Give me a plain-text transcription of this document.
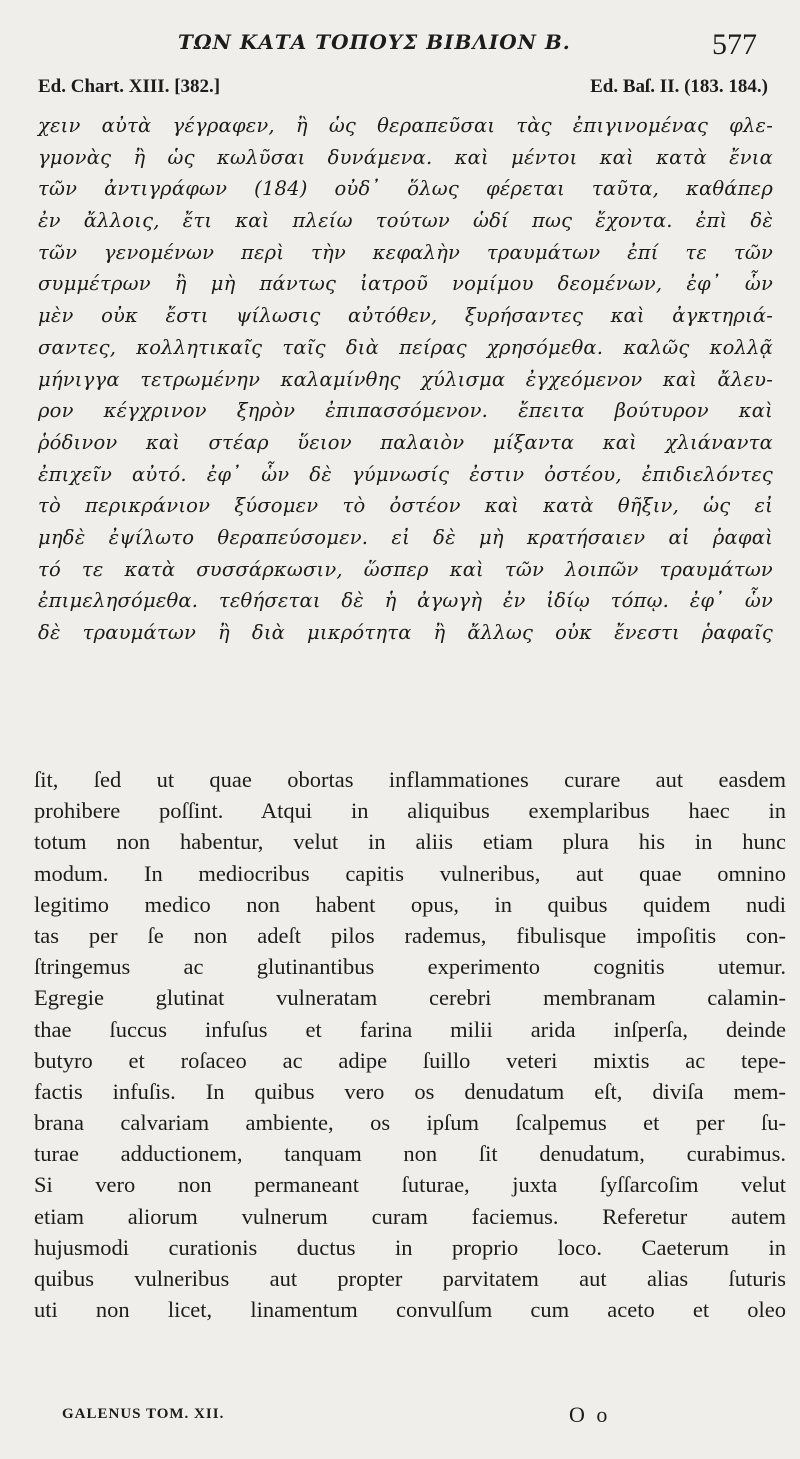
ΤΩΝ ΚΑΤΑ ΤΟΠΟΥΣ ΒΙΒΛΙΟΝ Β.	577
Ed. Chart. XIII. [382.]	Ed. Baſ. II. (183. 184.)
χειν αὐτὰ γέγραφεν, ἢ ὡς θεραπεῦσαι τὰς ἐπιγινομένας φλε-
γμονὰς ἢ ὡς κωλῦσαι δυνάμενα. καὶ μέντοι καὶ κατὰ ἔνια
τῶν ἀντιγράφων (184) οὐδ᾽ ὅλως φέρεται ταῦτα, καθάπερ
ἐν ἄλλοις, ἔτι καὶ πλείω τούτων ὡδί πως ἔχοντα. ἐπὶ δὲ
τῶν γενομένων περὶ τὴν κεφαλὴν τραυμάτων ἐπί τε τῶν
συμμέτρων ἢ μὴ πάντως ἰατροῦ νομίμου δεομένων, ἐφ᾽ ὧν
μὲν οὐκ ἔστι ψίλωσις αὐτόθεν, ξυρήσαντες καὶ ἀγκτηριά-
σαντες, κολλητικαῖς ταῖς διὰ πείρας χρησόμεθα. καλῶς κολλᾷ
μήνιγγα τετρωμένην καλαμίνθης χύλισμα ἐγχεόμενον καὶ ἄλευ-
ρον κέγχρινον ξηρὸν ἐπιπασσόμενον. ἔπειτα βούτυρον καὶ
ῥόδινον καὶ στέαρ ὕειον παλαιὸν μίξαντα καὶ χλιάναντα
ἐπιχεῖν αὐτό. ἐφ᾽ ὧν δὲ γύμνωσίς ἐστιν ὀστέου, ἐπιδιελόντες
τὸ περικράνιον ξύσομεν τὸ ὀστέον καὶ κατὰ θῆξιν, ὡς εἰ
μηδὲ ἐψίλωτο θεραπεύσομεν. εἰ δὲ μὴ κρατήσαιεν αἱ ῥαφαὶ
τό τε κατὰ συσσάρκωσιν, ὥσπερ καὶ τῶν λοιπῶν τραυμάτων
ἐπιμελησόμεθα. τεθήσεται δὲ ἡ ἀγωγὴ ἐν ἰδίῳ τόπῳ. ἐφ᾽ ὧν
δὲ τραυμάτων ἢ διὰ μικρότητα ἢ ἄλλως οὐκ ἔνεστι ῥαφαῖς
ſit, ſed ut quae obortas inflammationes curare aut easdem
prohibere poſſint. Atqui in aliquibus exemplaribus haec in
totum non habentur, velut in aliis etiam plura his in hunc
modum. In mediocribus capitis vulneribus, aut quae omnino
legitimo medico non habent opus, in quibus quidem nudi
tas per ſe non adeſt pilos rademus, fibulisque impoſitis con-
ſtringemus ac glutinantibus experimento cognitis utemur.
Egregie glutinat vulneratam cerebri membranam calamin-
thae ſuccus infuſus et farina milii arida inſperſa, deinde
butyro et roſaceo ac adipe ſuillo veteri mixtis ac tepe-
factis infuſis. In quibus vero os denudatum eſt, diviſa mem-
brana calvariam ambiente, os ipſum ſcalpemus et per ſu-
turae adductionem, tanquam non ſit denudatum, curabimus.
Si vero non permaneant ſuturae, juxta ſyſſarcoſim velut
etiam aliorum vulnerum curam faciemus. Referetur autem
hujusmodi curationis ductus in proprio loco. Caeterum in
quibus vulneribus aut propter parvitatem aut alias ſuturis
uti non licet, linamentum convulſum cum aceto et oleo
GALENUS TOM. XII.	O o
